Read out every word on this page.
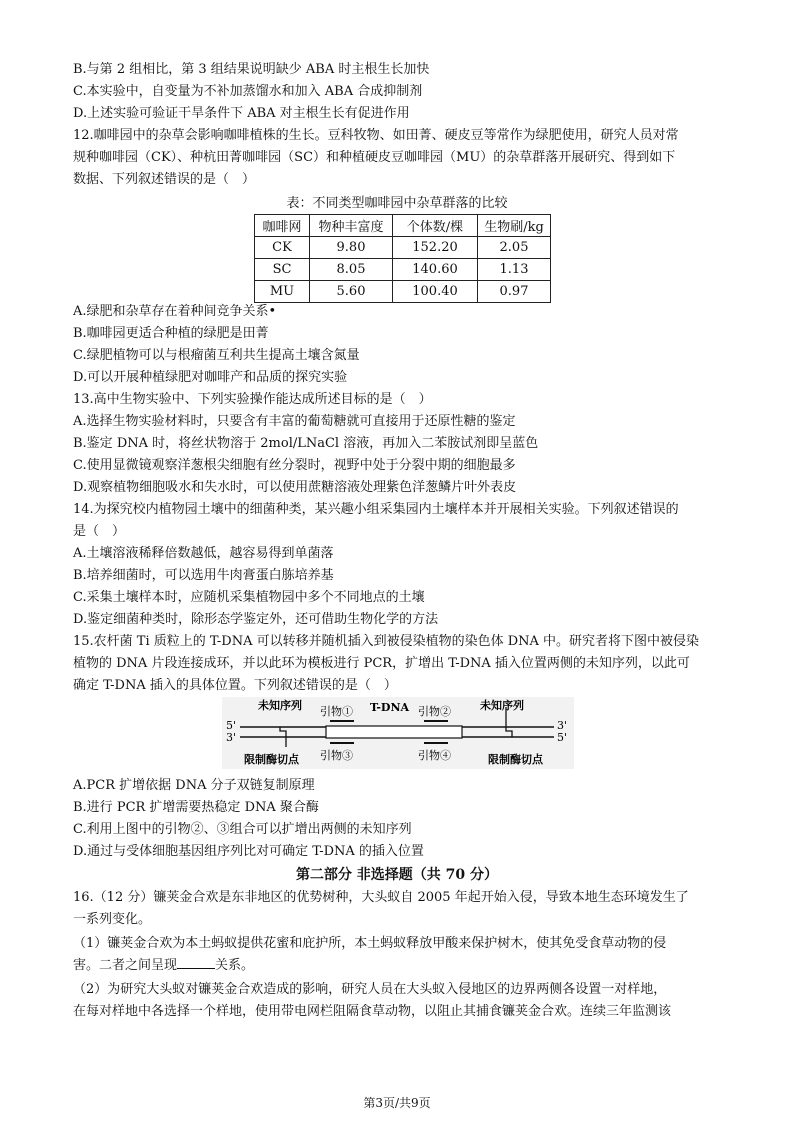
B.与第 2 组相比，第 3 组结果说明缺少 ABA 时主根生长加快
C.本实验中，自变量为不补加蒸馏水和加入 ABA 合成抑制剂
D.上述实验可验证干旱条件下 ABA 对主根生长有促进作用
12.咖啡园中的杂草会影响咖啡植株的生长。豆科牧物、如田菁、硬皮豆等常作为绿肥使用，研究人员对常
规种咖啡园（CK）、种杭田菁咖啡园（SC）和种植硬皮豆咖啡园（MU）的杂草群落开展研究、得到如下
数据、下列叙述错误的是（　）
表：不同类型咖啡园中杂草群落的比较
咖啡网	物种丰富度	个体数/棵	生物刷/kg
CK	9.80	152.20	2.05
SC	8.05	140.60	1.13
MU	5.60	100.40	0.97
A.绿肥和杂草存在着种间竞争关系•
B.咖啡园更适合种植的绿肥是田菁
C.绿肥植物可以与根瘤菌互利共生提高土壤含氮量
D.可以开展种植绿肥对咖啡产和品质的探究实验
13.高中生物实验中、下列实验操作能达成所述目标的是（　）
A.选择生物实验材料时，只要含有丰富的葡萄糖就可直接用于还原性糖的鉴定
B.鉴定 DNA 时，将丝状物溶于 2mol/LNaCl 溶液，再加入二苯胺试剂即呈蓝色
C.使用显微镜观察洋葱根尖细胞有丝分裂时，视野中处于分裂中期的细胞最多
D.观察植物细胞吸水和失水时，可以使用蔗糖溶液处理紫色洋葱鳞片叶外表皮
14.为探究校内植物园土壤中的细菌种类，某兴趣小组采集园内土壤样本并开展相关实验。下列叙述错误的
是（　）
A.土壤溶液稀释倍数越低，越容易得到单菌落
B.培养细菌时，可以选用牛肉膏蛋白胨培养基
C.采集土壤样本时，应随机采集植物园中多个不同地点的土壤
D.鉴定细菌种类时，除形态学鉴定外，还可借助生物化学的方法
15.农杆菌 Ti 质粒上的 T-DNA 可以转移并随机插入到被侵染植物的染色体 DNA 中。研究者将下图中被侵染
植物的 DNA 片段连接成环，并以此环为模板进行 PCR，扩增出 T-DNA 插入位置两侧的未知序列，以此可
确定 T-DNA 插入的具体位置。下列叙述错误的是（　）
未知序列 引物① T-DNA 引物②	未知序列
5'
3'
3'
5'
限制酶切点 引物③	引物④	限制酶切点
A.PCR 扩增依据 DNA 分子双链复制原理
B.进行 PCR 扩增需要热稳定 DNA 聚合酶
C.利用上图中的引物②、③组合可以扩增出两侧的未知序列
D.通过与受体细胞基因组序列比对可确定 T-DNA 的插入位置
第二部分 非选择题（共 70 分）
16.（12 分）镰荚金合欢是东非地区的优势树种，大头蚁自 2005 年起开始入侵，导致本地生态环境发生了
一系列变化。
（1）镰荚金合欢为本土蚂蚁提供花蜜和庇护所，本土蚂蚁释放甲酸来保护树木，使其免受食草动物的侵
害。二者之间呈现	关系。
（2）为研究大头蚁对镰荚金合欢造成的影响，研究人员在大头蚁入侵地区的边界两侧各设置一对样地，
在每对样地中各选择一个样地，使用带电网栏阻隔食草动物，以阻止其捕食镰荚金合欢。连续三年监测该
第3页/共9页
